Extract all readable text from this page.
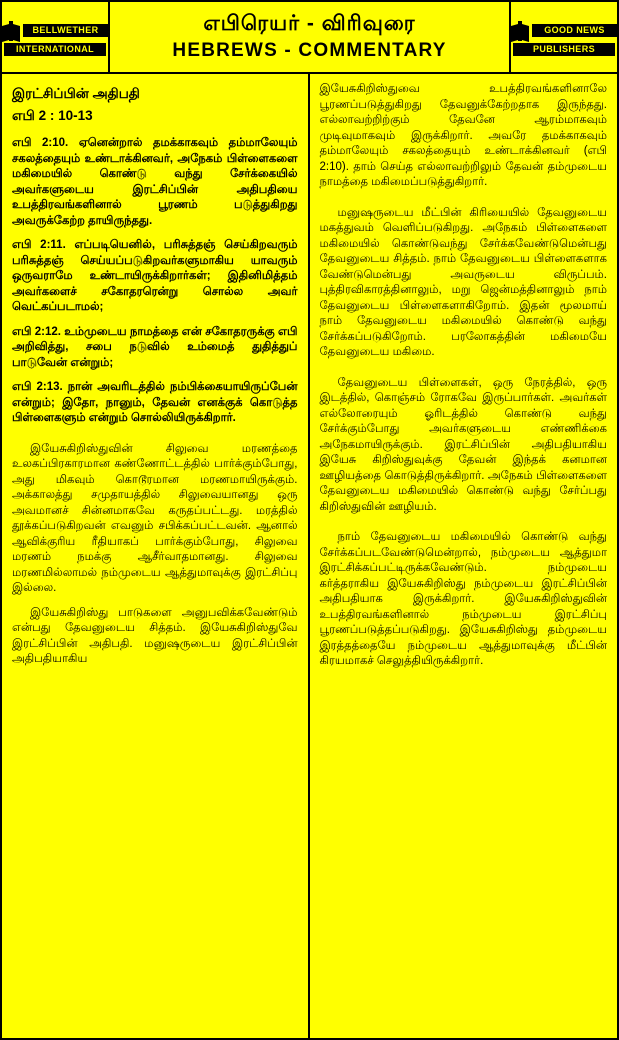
BELLWETHER
INTERNATIONAL
எபிரெயர் - விரிவுரை
HEBREWS - COMMENTARY
GOOD NEWS
PUBLISHERS
இரட்சிப்பின் அதிபதி
எபி 2 : 10-13

எபி 2:10. ஏனென்றால் தமக்காகவும் தம்மாலேயும் சகலத்தையும் உண்டாக்கினவர், அநேகம் பிள்ளைகளை மகிமையில் கொண்டு வந்து சேர்க்கையில் அவர்களுடைய இரட்சிப்பின் அதிபதியை உபத்திரவங்களினால் பூரணம் படுத்துகிறது அவருக்கேற்ற தாயிருந்தது.

எபி 2:11. எப்படியெனில், பரிசுத்தஞ் செய்கிறவரும் பரிசுத்தஞ் செய்யப்படுகிறவர்களுமாகிய யாவரும் ஒருவராமே உண்டாயிருக்கிறார்கள்; இதினிமித்தம் அவர்களைச் சகோதரரென்று சொல்ல அவர் வெட்கப்படாமல்;

எபி 2:12. உம்முடைய நாமத்தை என் சகோதரருக்கு எபி அறிவித்து, சபை நடுவில் உம்மைத் துதித்துப் பாடுவேன் என்றும்;

எபி 2:13. நான் அவரிடத்தில் நம்பிக்கையாயிருப்பேன் என்றும்; இதோ, நானும், தேவன் எனக்குக் கொடுத்த பிள்ளைகளும் என்றும் சொல்லியிருக்கிறார்.

இயேசுகிறிஸ்துவின் சிலுவை மரணத்தை உலகப்பிரகாரமான கண்ணோட்டத்தில் பார்க்கும்போது, அது மிகவும் கொடூரமான மரணமாயிருக்கும். அக்காலத்து சமுதாயத்தில் சிலுவையானது ஒரு அவமானச் சின்னமாகவே கருதப்பட்டது. மரத்தில் தூக்கப்படுகிறவன் எவனும் சபிக்கப்பட்டவன். ஆனால் ஆவிக்குரிய ரீதியாகப் பார்க்கும்போது, சிலுவை மரணம் நமக்கு ஆசீர்வாதமானது. சிலுவை மரணமில்லாமல் நம்முடைய ஆத்துமாவுக்கு இரட்சிப்பு இல்லை.

இயேசுகிறிஸ்து பாடுகளை அனுபவிக்கவேண்டும் என்பது தேவனுடைய சித்தம். இயேசுகிறிஸ்துவே இரட்சிப்பின் அதிபதி. மனுஷருடைய இரட்சிப்பின் அதிபதியாகிய

இயேசுகிறிஸ்துவை உபத்திரவங்களினாலே பூரணப்படுத்துகிறது தேவனுக்கேற்றதாக இருந்தது. எல்லாவற்றிற்கும் தேவனே ஆரம்மாகவும் முடிவுமாகவும் இருக்கிறார். அவரே தமக்காகவும் தம்மாலேயும் சகலத்தையும் உண்டாக்கினவர் (எபி 2:10). தாம் செய்த எல்லாவற்றிலும் தேவன் தம்முடைய நாமத்தை மகிமைப்படுத்துகிறார்.

மனுஷருடைய மீட்பின் கிரியையில் தேவனுடைய மகத்துவம் வெளிப்படுகிறது. அநேகம் பிள்ளைகளை மகிமையில் கொண்டுவந்து சேர்க்கவேண்டுமென்பது தேவனுடைய சித்தம். நாம் தேவனுடைய பிள்ளைகளாக வேண்டுமென்பது அவருடைய விருப்பம். புத்திரவிகாரத்தினாலும், மறு ஜென்மத்தினாலும் நாம் தேவனுடைய பிள்ளைகளாகிறோம். இதன் மூலமாய் நாம் தேவனுடைய மகிமையில் கொண்டு வந்து சேர்க்கப்படுகிறோம். பரலோகத்தின் மகிமையே தேவனுடைய மகிமை.

தேவனுடைய பிள்ளைகள், ஒரு நேரத்தில், ஒரு இடத்தில், கொஞ்சம் ரோகவே இருப்பார்கள். அவர்கள் எல்லோரையும் ஓரிடத்தில் கொண்டு வந்து சேர்க்கும்போது அவர்களுடைய எண்ணிக்கை அநேகமாயிருக்கும். இரட்சிப்பின் அதிபதியாகிய இயேசு கிறிஸ்துவுக்கு தேவன் இந்தக் கனமான ஊழியத்தை கொடுத்திருக்கிறார். அநேகம் பிள்ளைகளை தேவனுடைய மகிமையில் கொண்டு வந்து சேர்ப்பது கிறிஸ்துவின் ஊழியம்.

நாம் தேவனுடைய மகிமையில் கொண்டு வந்து சேர்க்கப்படவேண்டுமென்றால், நம்முடைய ஆத்துமா இரட்சிக்கப்பட்டிருக்கவேண்டும். நம்முடைய கர்த்தராகிய இயேசுகிறிஸ்து நம்முடைய இரட்சிப்பின் அதிபதியாக இருக்கிறார். இயேசுகிறிஸ்துவின் உபத்திரவங்களினால் நம்முடைய இரட்சிப்பு பூரணப்படுத்தப்படுகிறது. இயேசுகிறிஸ்து தம்முடைய இரத்தத்தையே நம்முடைய ஆத்துமாவுக்கு மீட்பின் கிரயமாகச் செலுத்தியிருக்கிறார்.
